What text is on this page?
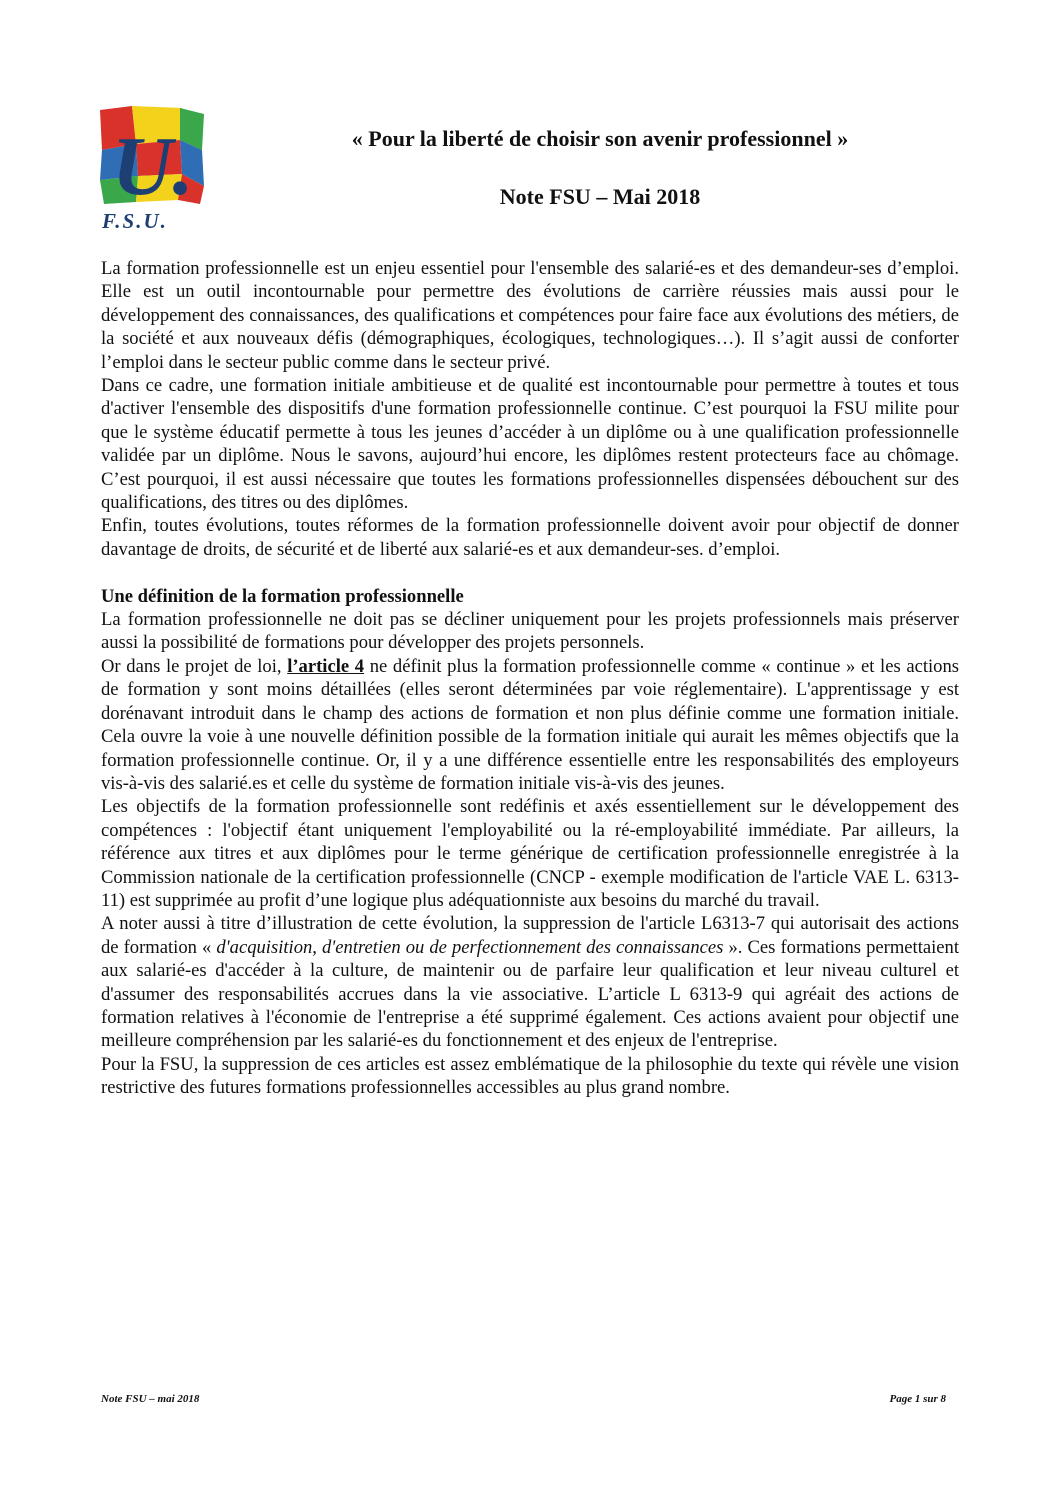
U.
F.S.U.
« Pour la liberté de choisir son avenir professionnel »
Note FSU – Mai 2018

La formation professionnelle est un enjeu essentiel pour l'ensemble des salarié-es et des demandeur-ses d’emploi. Elle est un outil incontournable pour permettre des évolutions de carrière réussies mais aussi pour le développement des connaissances, des qualifications et compétences pour faire face aux évolutions des métiers, de la société et aux nouveaux défis (démographiques, écologiques, technologiques…). Il s’agit aussi de conforter l’emploi dans le secteur public comme dans le secteur privé.

Dans ce cadre, une formation initiale ambitieuse et de qualité est incontournable pour permettre à toutes et tous d'activer l'ensemble des dispositifs d'une formation professionnelle continue. C’est pourquoi la FSU milite pour que le système éducatif permette à tous les jeunes d’accéder à un diplôme ou à une qualification professionnelle validée par un diplôme. Nous le savons, aujourd’hui encore, les diplômes restent protecteurs face au chômage. C’est pourquoi, il est aussi nécessaire que toutes les formations professionnelles dispensées débouchent sur des qualifications, des titres ou des diplômes.

Enfin, toutes évolutions, toutes réformes de la formation professionnelle doivent avoir pour objectif de donner davantage de droits, de sécurité et de liberté aux salarié-es et aux demandeur-ses. d’emploi.

Une définition de la formation professionnelle

La formation professionnelle ne doit pas se décliner uniquement pour les projets professionnels mais préserver aussi la possibilité de formations pour développer des projets personnels.

Or dans le projet de loi, l’article 4 ne définit plus la formation professionnelle comme « continue » et les actions de formation y sont moins détaillées (elles seront déterminées par voie réglementaire). L'apprentissage y est dorénavant introduit dans le champ des actions de formation et non plus définie comme une formation initiale. Cela ouvre la voie à une nouvelle définition possible de la formation initiale qui aurait les mêmes objectifs que la formation professionnelle continue. Or, il y a une différence essentielle entre les responsabilités des employeurs vis-à-vis des salarié.es et celle du système de formation initiale vis-à-vis des jeunes.

Les objectifs de la formation professionnelle sont redéfinis et axés essentiellement sur le développement des compétences : l'objectif étant uniquement l'employabilité ou la ré-employabilité immédiate. Par ailleurs, la référence aux titres et aux diplômes pour le terme générique de certification professionnelle enregistrée à la Commission nationale de la certification professionnelle (CNCP - exemple modification de l'article VAE L. 6313-11) est supprimée au profit d’une logique plus adéquationniste aux besoins du marché du travail.

A noter aussi à titre d’illustration de cette évolution, la suppression de l'article L6313-7 qui autorisait des actions de formation « d'acquisition, d'entretien ou de perfectionnement des connaissances ». Ces formations permettaient aux salarié-es d'accéder à la culture, de maintenir ou de parfaire leur qualification et leur niveau culturel et d'assumer des responsabilités accrues dans la vie associative. L’article L 6313-9 qui agréait des actions de formation relatives à l'économie de l'entreprise a été supprimé également. Ces actions avaient pour objectif une meilleure compréhension par les salarié-es du fonctionnement et des enjeux de l'entreprise.

Pour la FSU, la suppression de ces articles est assez emblématique de la philosophie du texte qui révèle une vision restrictive des futures formations professionnelles accessibles au plus grand nombre.

Note FSU – mai 2018	Page 1 sur 8
